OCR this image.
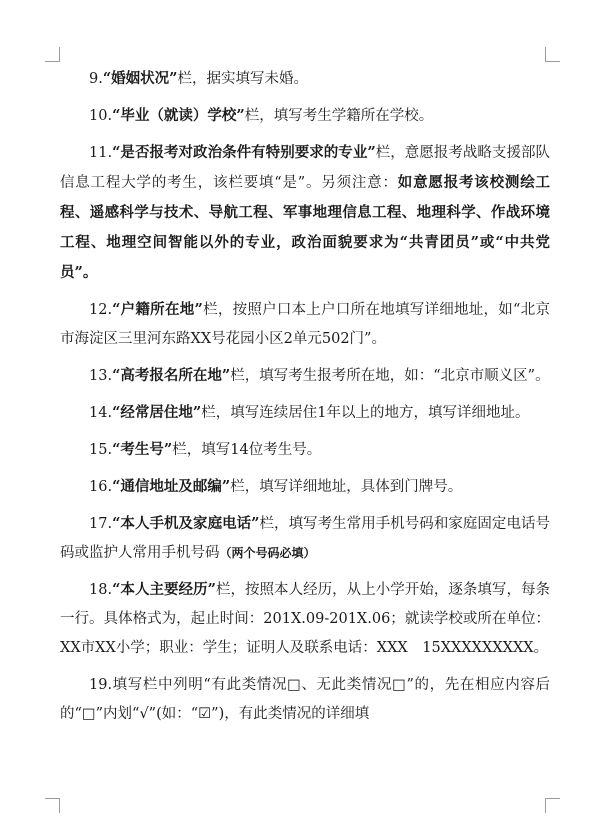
9.“婚姻状况”栏，据实填写未婚。

10.“毕业（就读）学校”栏，填写考生学籍所在学校。

11.“是否报考对政治条件有特别要求的专业”栏，意愿报考战略支援部队信息工程大学的考生，该栏要填“是”。另须注意：如意愿报考该校测绘工程、遥感科学与技术、导航工程、军事地理信息工程、地理科学、作战环境工程、地理空间智能以外的专业，政治面貌要求为“共青团员”或“中共党员”。

12.“户籍所在地”栏，按照户口本上户口所在地填写详细地址，如“北京市海淀区三里河东路XX号花园小区2单元502门”。

13.“高考报名所在地”栏，填写考生报考所在地，如：“北京市顺义区”。

14.“经常居住地”栏，填写连续居住1年以上的地方，填写详细地址。

15.“考生号”栏，填写14位考生号。

16.“通信地址及邮编”栏，填写详细地址，具体到门牌号。

17.“本人手机及家庭电话”栏，填写考生常用手机号码和家庭固定电话号码或监护人常用手机号码（两个号码必填）

18.“本人主要经历”栏，按照本人经历，从上小学开始，逐条填写，每条一行。具体格式为，起止时间：201X.09-201X.06；就读学校或所在单位：XX市XX小学；职业：学生；证明人及联系电话：XXX　15XXXXXXXXX。

19.填写栏中列明“有此类情况□、无此类情况□”的，先在相应内容后的“□”内划“√”(如：“☑”)，有此类情况的详细填
